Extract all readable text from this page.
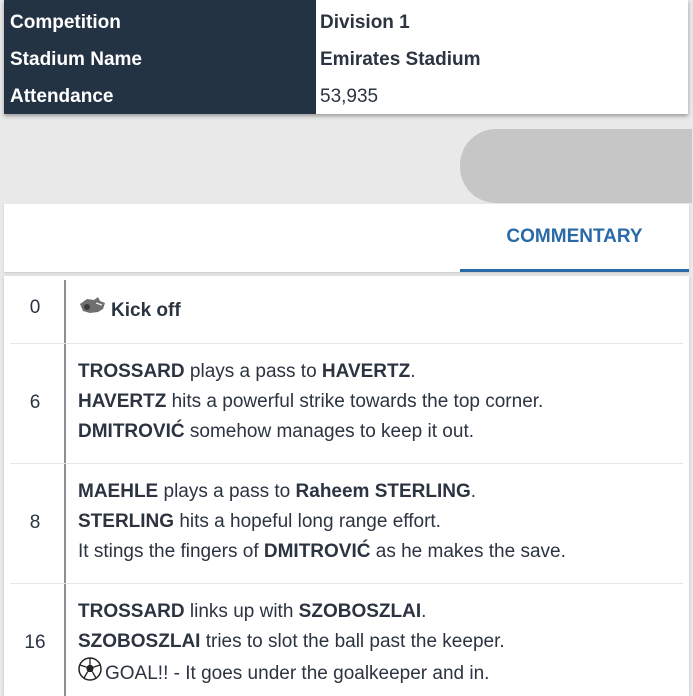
Competition
Stadium Name
Attendance
Division 1
Emirates Stadium
53,935
COMMENTARY
0	Kick off
6
TROSSARD plays a pass to HAVERTZ.
HAVERTZ hits a powerful strike towards the top corner.
DMITROVIĆ somehow manages to keep it out.
8
MAEHLE plays a pass to Raheem STERLING.
STERLING hits a hopeful long range effort.
It stings the fingers of DMITROVIĆ as he makes the save.
16
TROSSARD links up with SZOBOSZLAI.
SZOBOSZLAI tries to slot the ball past the keeper.
GOAL!! - It goes under the goalkeeper and in.
